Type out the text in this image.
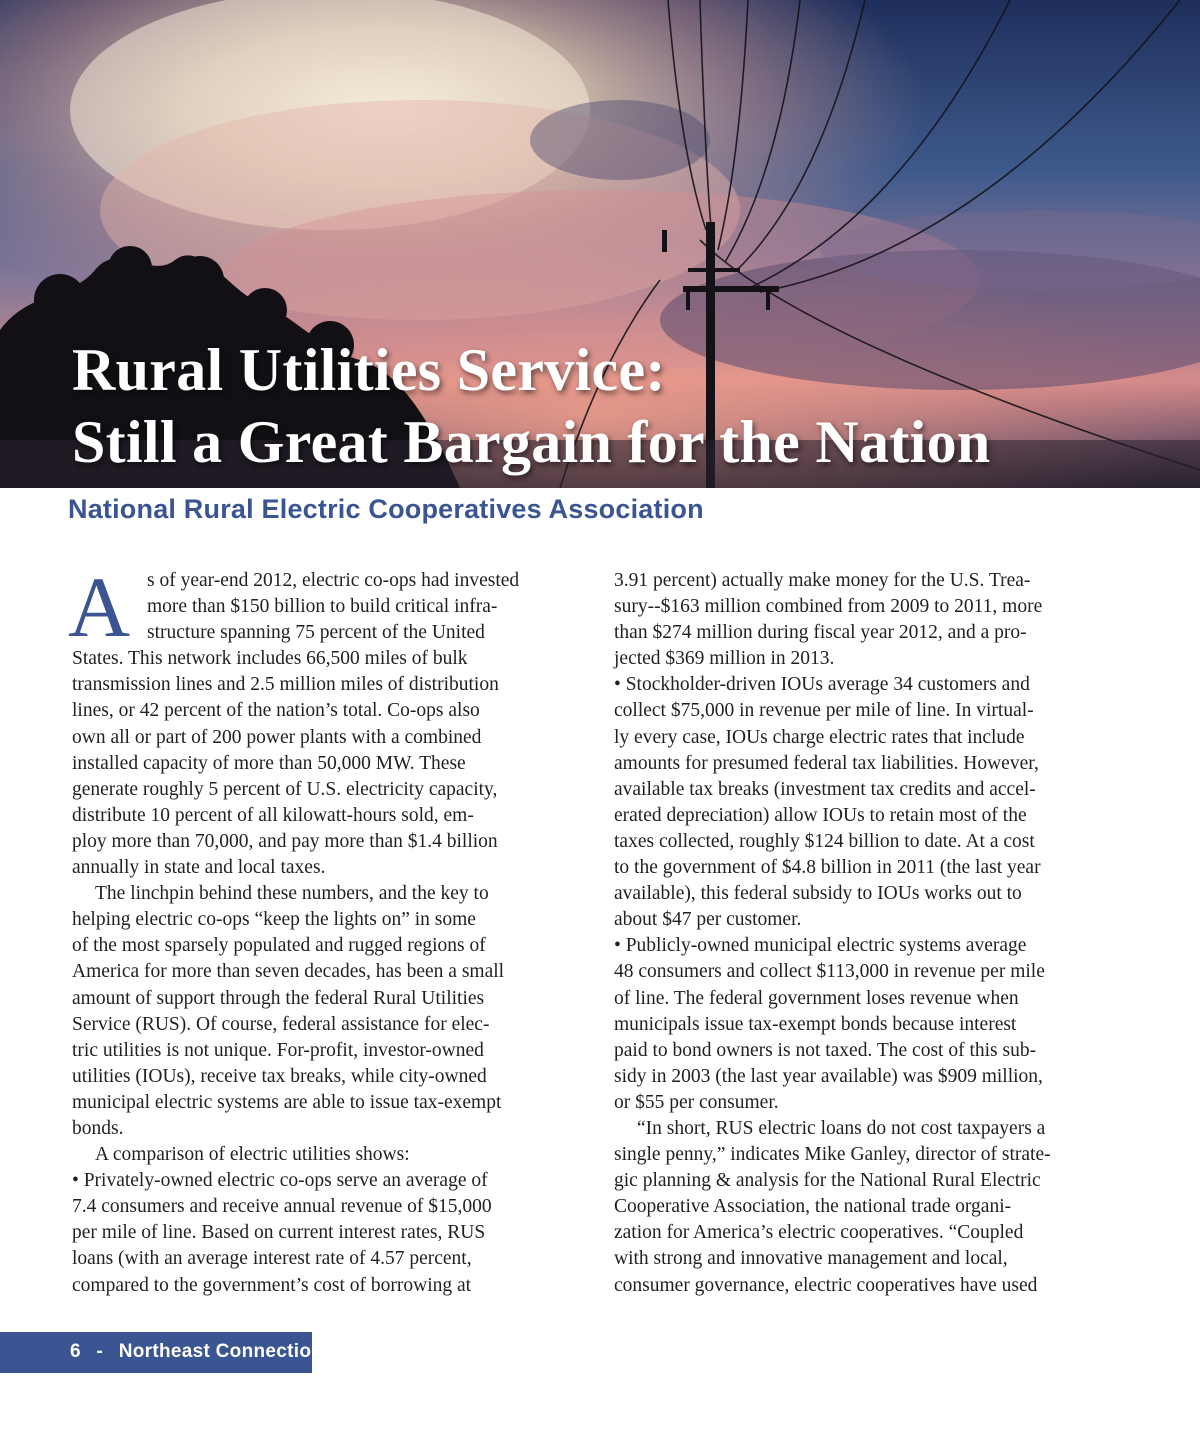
Rural Utilities Service:
Still a Great Bargain for the Nation
National Rural Electric Cooperatives Association
A s of year-end 2012, electric co-ops had invested
more than $150 billion to build critical infra-
structure spanning 75 percent of the United
States. This network includes 66,500 miles of bulk
transmission lines and 2.5 million miles of distribution
lines, or 42 percent of the nation’s total. Co-ops also
own all or part of 200 power plants with a combined
installed capacity of more than 50,000 MW. These
generate roughly 5 percent of U.S. electricity capacity,
distribute 10 percent of all kilowatt-hours sold, em-
ploy more than 70,000, and pay more than $1.4 billion
annually in state and local taxes.
The linchpin behind these numbers, and the key to
helping electric co-ops “keep the lights on” in some
of the most sparsely populated and rugged regions of
America for more than seven decades, has been a small
amount of support through the federal Rural Utilities
Service (RUS). Of course, federal assistance for elec-
tric utilities is not unique. For-profit, investor-owned
utilities (IOUs), receive tax breaks, while city-owned
municipal electric systems are able to issue tax-exempt
bonds.
A comparison of electric utilities shows:
• Privately-owned electric co-ops serve an average of
7.4 consumers and receive annual revenue of $15,000
per mile of line. Based on current interest rates, RUS
loans (with an average interest rate of 4.57 percent,
compared to the government’s cost of borrowing at
3.91 percent) actually make money for the U.S. Trea-
sury--$163 million combined from 2009 to 2011, more
than $274 million during fiscal year 2012, and a pro-
jected $369 million in 2013.
• Stockholder-driven IOUs average 34 customers and
collect $75,000 in revenue per mile of line. In virtual-
ly every case, IOUs charge electric rates that include
amounts for presumed federal tax liabilities. However,
available tax breaks (investment tax credits and accel-
erated depreciation) allow IOUs to retain most of the
taxes collected, roughly $124 billion to date. At a cost
to the government of $4.8 billion in 2011 (the last year
available), this federal subsidy to IOUs works out to
about $47 per customer.
• Publicly-owned municipal electric systems average
48 consumers and collect $113,000 in revenue per mile
of line. The federal government loses revenue when
municipals issue tax-exempt bonds because interest
paid to bond owners is not taxed. The cost of this sub-
sidy in 2003 (the last year available) was $909 million,
or $55 per consumer.
“In short, RUS electric loans do not cost taxpayers a
single penny,” indicates Mike Ganley, director of strate-
gic planning & analysis for the National Rural Electric
Cooperative Association, the national trade organi-
zation for America’s electric cooperatives. “Coupled
with strong and innovative management and local,
consumer governance, electric cooperatives have used
6 - Northeast Connection
